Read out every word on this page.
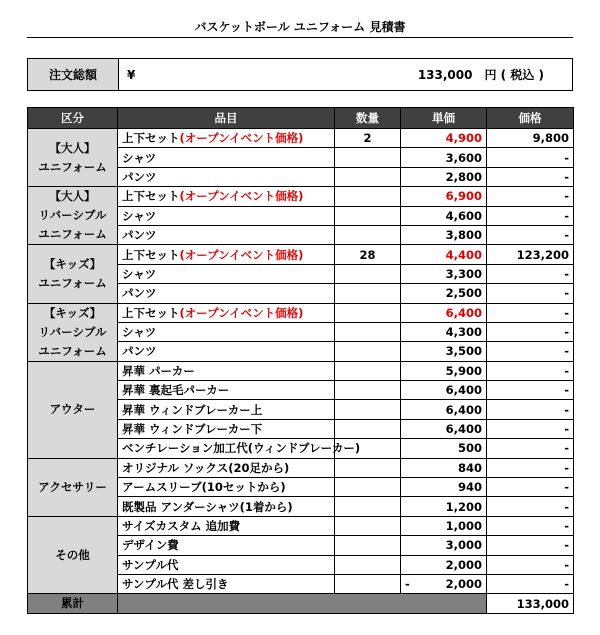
バスケットボール ユニフォーム 見積書
注文総額	¥	133,000 円 ( 税込 )
区分	品目	数量	単価	価格

【大人】
ユニフォーム	上下セット(オープンイベント価格)	2	4,900	9,800
	シャツ		3,600	-
	パンツ		2,800	-

【大人】
リバーシブル
ユニフォーム	上下セット(オープンイベント価格)		6,900	-
	シャツ		4,600	-
	パンツ		3,800	-

【キッズ】
ユニフォーム	上下セット(オープンイベント価格)	28	4,400	123,200
	シャツ		3,300	-
	パンツ		2,500	-

【キッズ】
リバーシブル
ユニフォーム	上下セット(オープンイベント価格)		6,400	-
	シャツ		4,300	-
	パンツ		3,500	-

アウター	昇華 パーカー		5,900	-
	昇華 裏起毛パーカー		6,400	-
	昇華 ウィンドブレーカー上		6,400	-
	昇華 ウィンドブレーカー下		6,400	-
	ベンチレーション加工代(ウィンドブレーカー)		500	-

アクセサリー	オリジナル ソックス(20足から)		840	-
	アームスリーブ(10セットから)		940	-
	既製品 アンダーシャツ(1着から)		1,200	-

その他	サイズカスタム 追加費		1,000	-
	デザイン費		3,000	-
	サンプル代		2,000	-
	サンプル代 差し引き		- 2,000	-
累計				133,000
